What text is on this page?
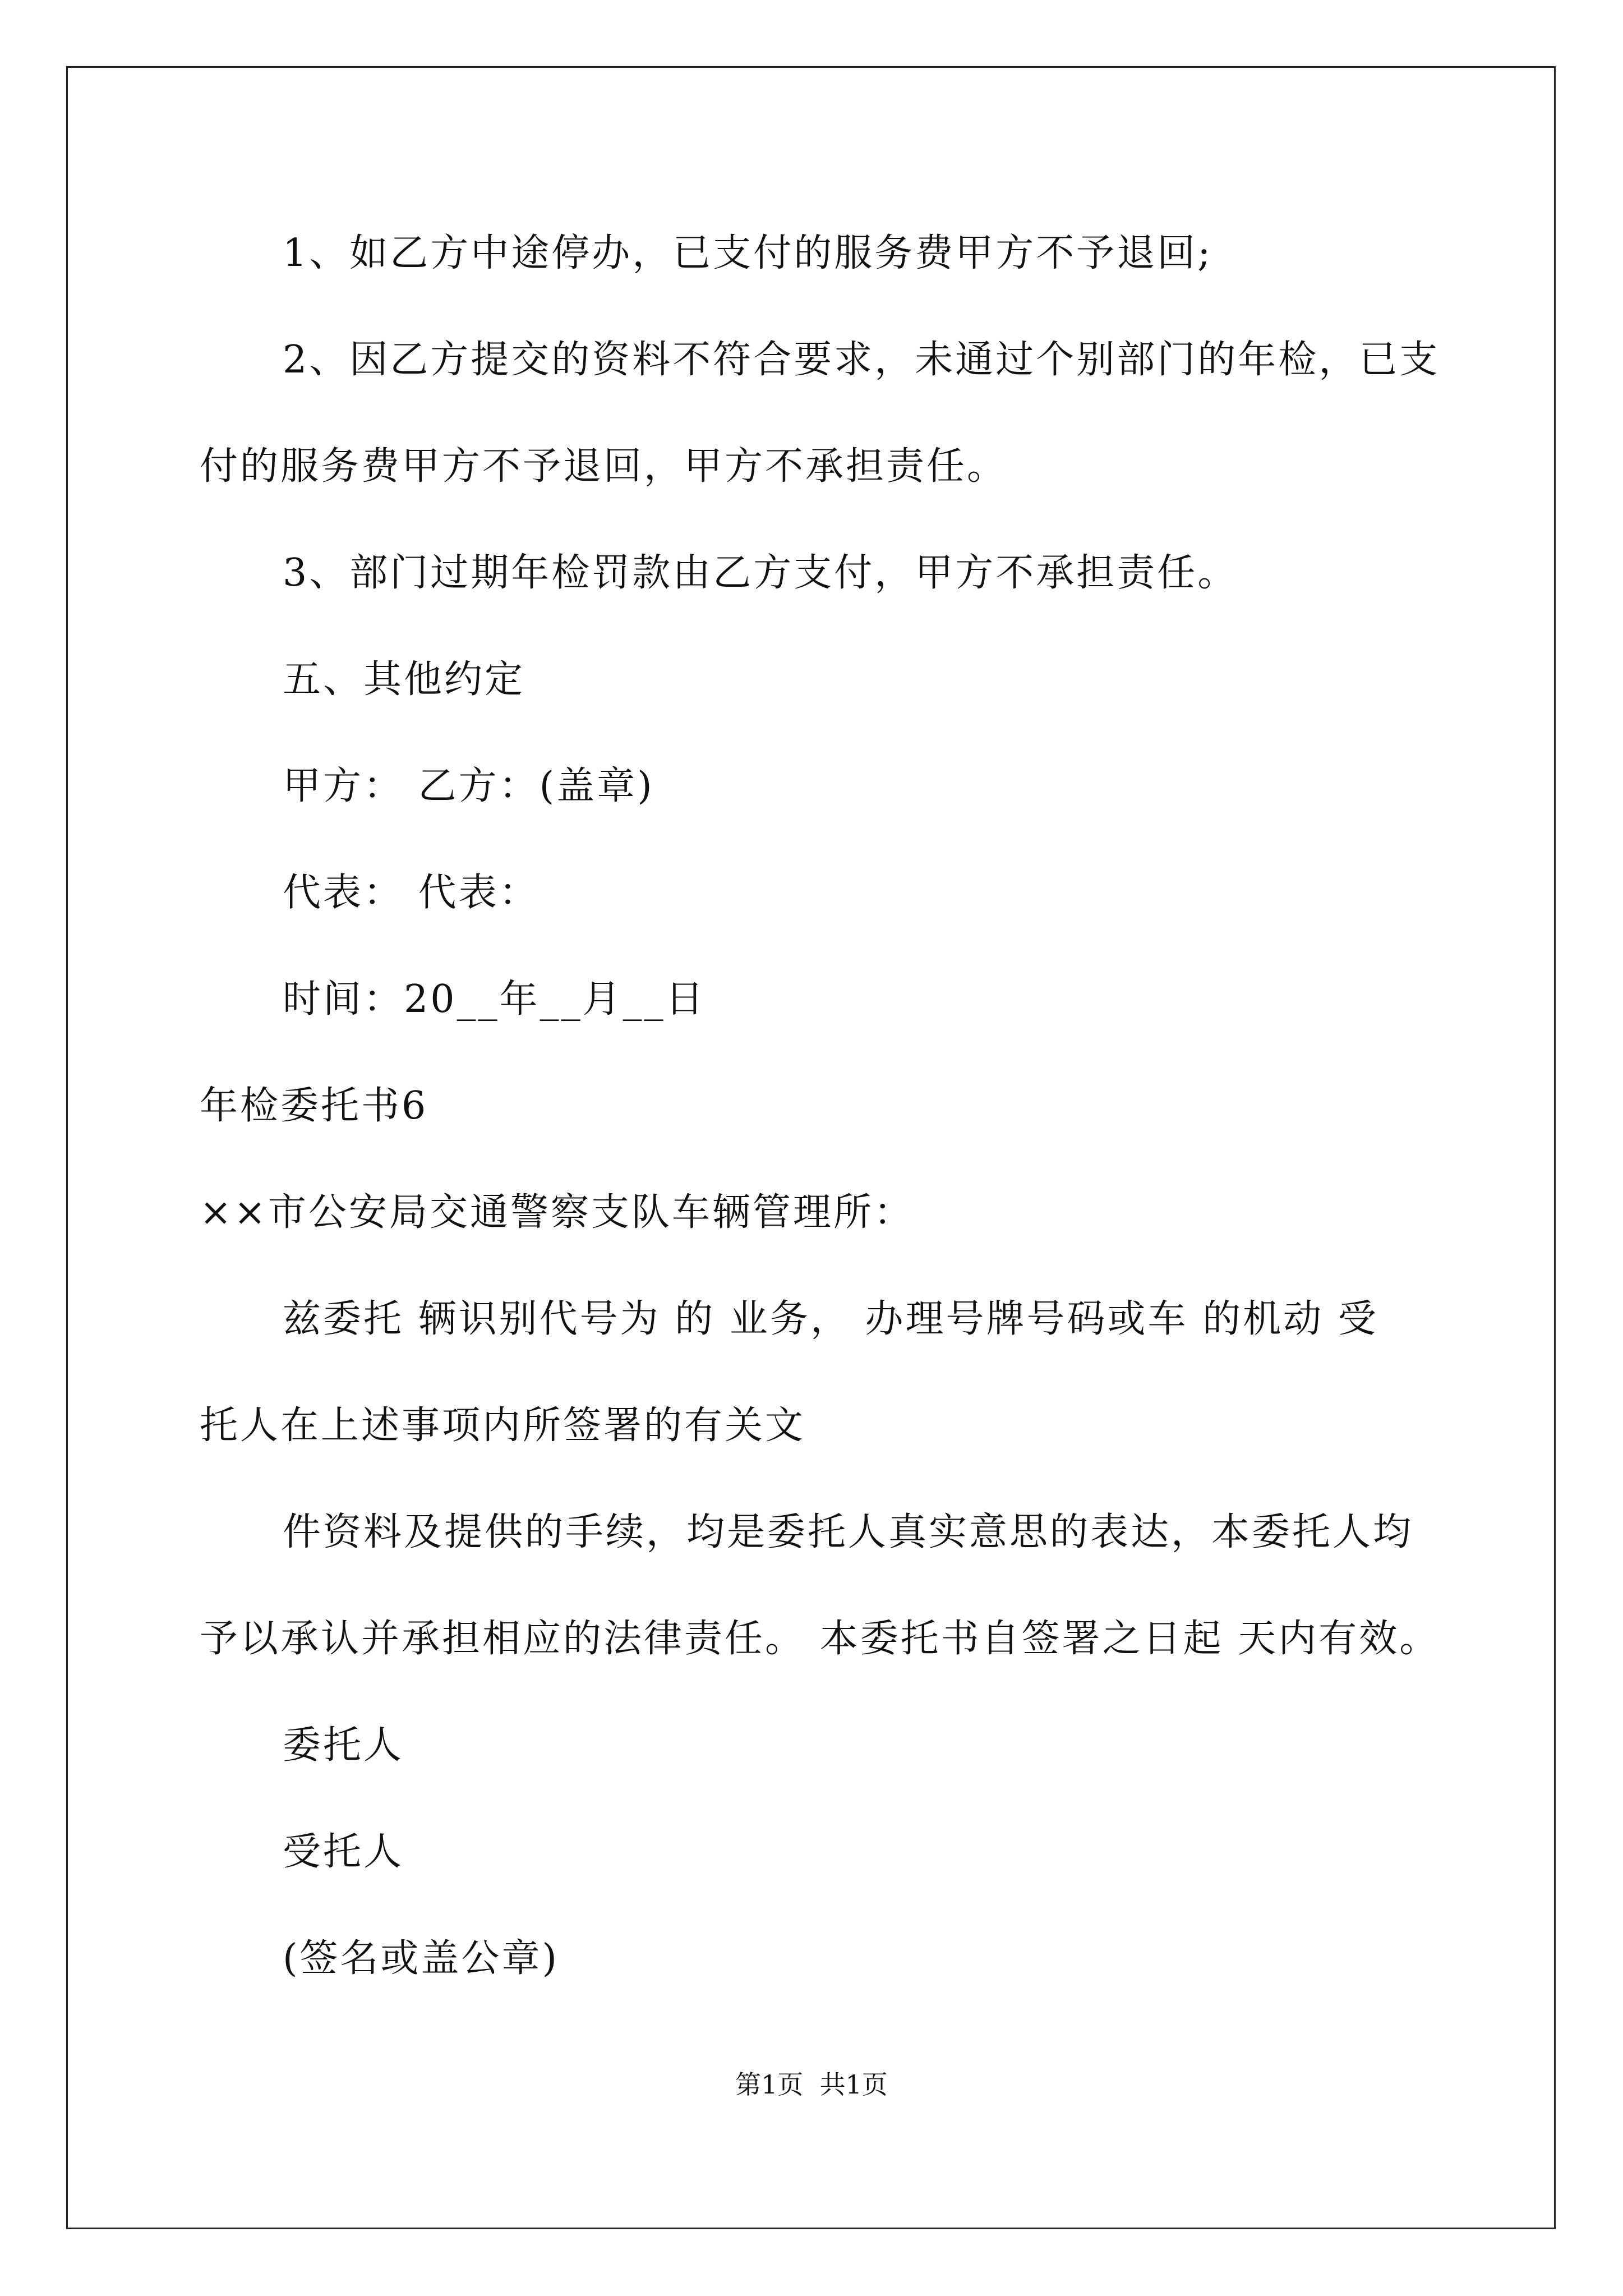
1、如乙方中途停办，已支付的服务费甲方不予退回;
2、因乙方提交的资料不符合要求，未通过个别部门的年检，已支
付的服务费甲方不予退回，甲方不承担责任。
3、部门过期年检罚款由乙方支付，甲方不承担责任。
五、其他约定
甲方： 乙方：(盖章)
代表： 代表：
时间：20__年__月__日
年检委托书6
××市公安局交通警察支队车辆管理所：
兹委托 辆识别代号为 的 业务， 办理号牌号码或车 的机动 受
托人在上述事项内所签署的有关文
件资料及提供的手续，均是委托人真实意思的表达，本委托人均
予以承认并承担相应的法律责任。 本委托书自签署之日起 天内有效。
委托人
受托人
(签名或盖公章)
第1页  共1页
